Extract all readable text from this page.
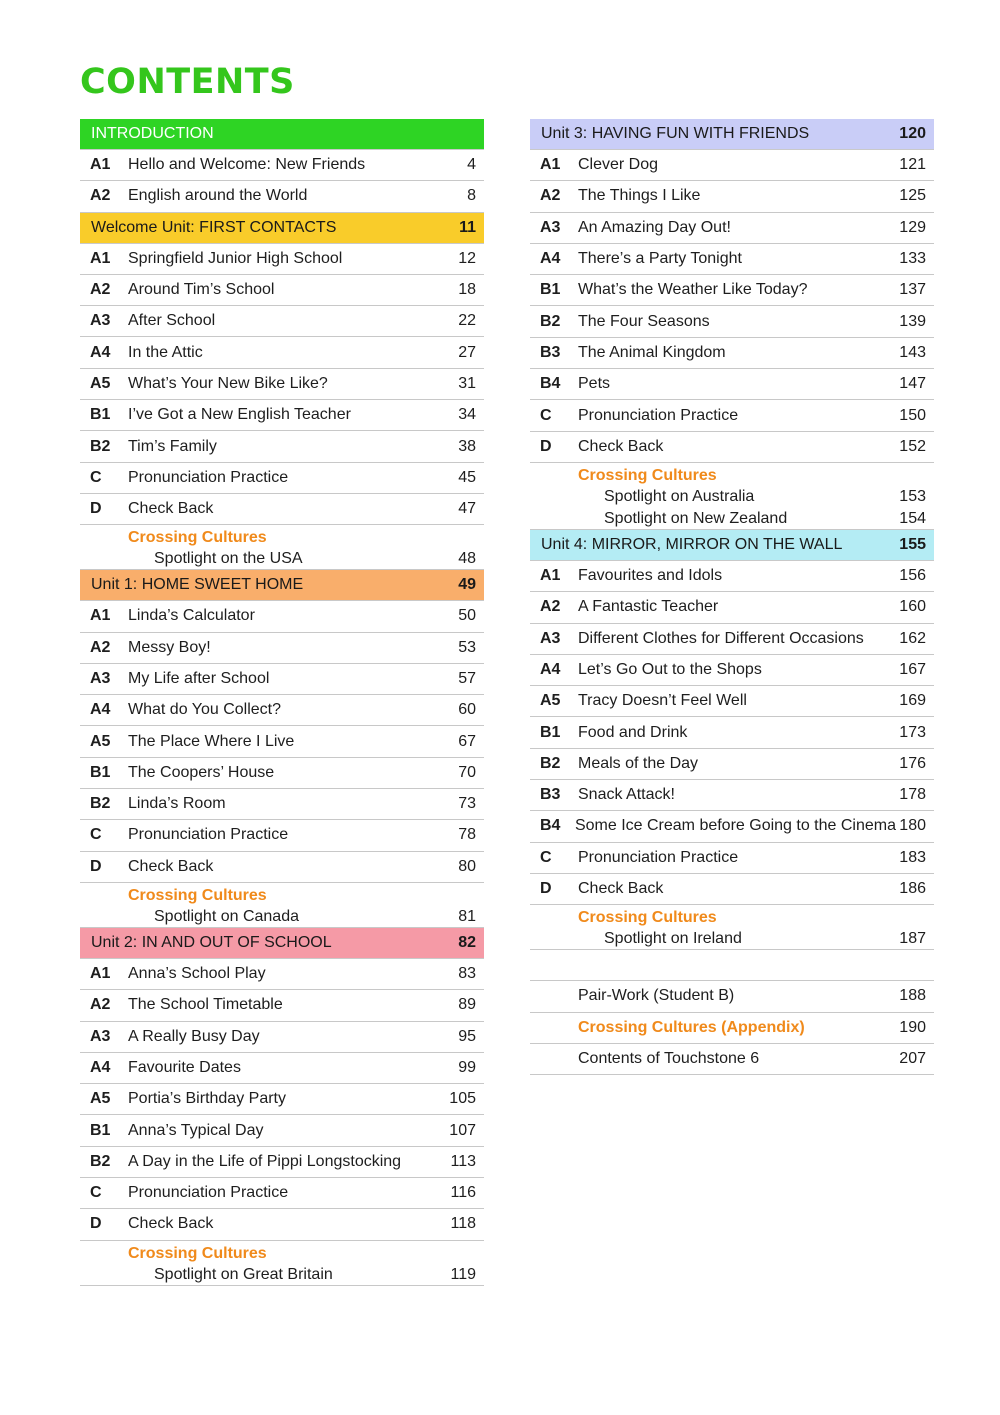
CONTENTS
INTRODUCTION
A1	Hello and Welcome: New Friends	4
A2	English around the World	8
Welcome Unit: FIRST CONTACTS	11
A1	Springfield Junior High School	12
A2	Around Tim’s School	18
A3	After School	22
A4	In the Attic	27
A5	What’s Your New Bike Like?	31
B1	I’ve Got a New English Teacher	34
B2	Tim’s Family	38
C	Pronunciation Practice	45
D	Check Back	47
Crossing Cultures
Spotlight on the USA	48
Unit 1: HOME SWEET HOME	49
A1	Linda’s Calculator	50
A2	Messy Boy!	53
A3	My Life after School	57
A4	What do You Collect?	60
A5	The Place Where I Live	67
B1	The Coopers’ House	70
B2	Linda’s Room	73
C	Pronunciation Practice	78
D	Check Back	80
Crossing Cultures
Spotlight on Canada	81
Unit 2: IN AND OUT OF SCHOOL	82
A1	Anna’s School Play	83
A2	The School Timetable	89
A3	A Really Busy Day	95
A4	Favourite Dates	99
A5	Portia’s Birthday Party	105
B1	Anna’s Typical Day	107
B2	A Day in the Life of Pippi Longstocking	113
C	Pronunciation Practice	116
D	Check Back	118
Crossing Cultures
Spotlight on Great Britain	119
Unit 3: HAVING FUN WITH FRIENDS	120
A1	Clever Dog	121
A2	The Things I Like	125
A3	An Amazing Day Out!	129
A4	There’s a Party Tonight	133
B1	What’s the Weather Like Today?	137
B2	The Four Seasons	139
B3	The Animal Kingdom	143
B4	Pets	147
C	Pronunciation Practice	150
D	Check Back	152
Crossing Cultures
Spotlight on Australia	153
Spotlight on New Zealand	154
Unit 4: MIRROR, MIRROR ON THE WALL	155
A1	Favourites and Idols	156
A2	A Fantastic Teacher	160
A3	Different Clothes for Different Occasions	162
A4	Let’s Go Out to the Shops	167
A5	Tracy Doesn’t Feel Well	169
B1	Food and Drink	173
B2	Meals of the Day	176
B3	Snack Attack!	178
B4 Some Ice Cream before Going to the Cinema 180
C	Pronunciation Practice	183
D	Check Back	186
Crossing Cultures
Spotlight on Ireland	187
Pair-Work (Student B)	188
Crossing Cultures (Appendix)	190
Contents of Touchstone 6	207
